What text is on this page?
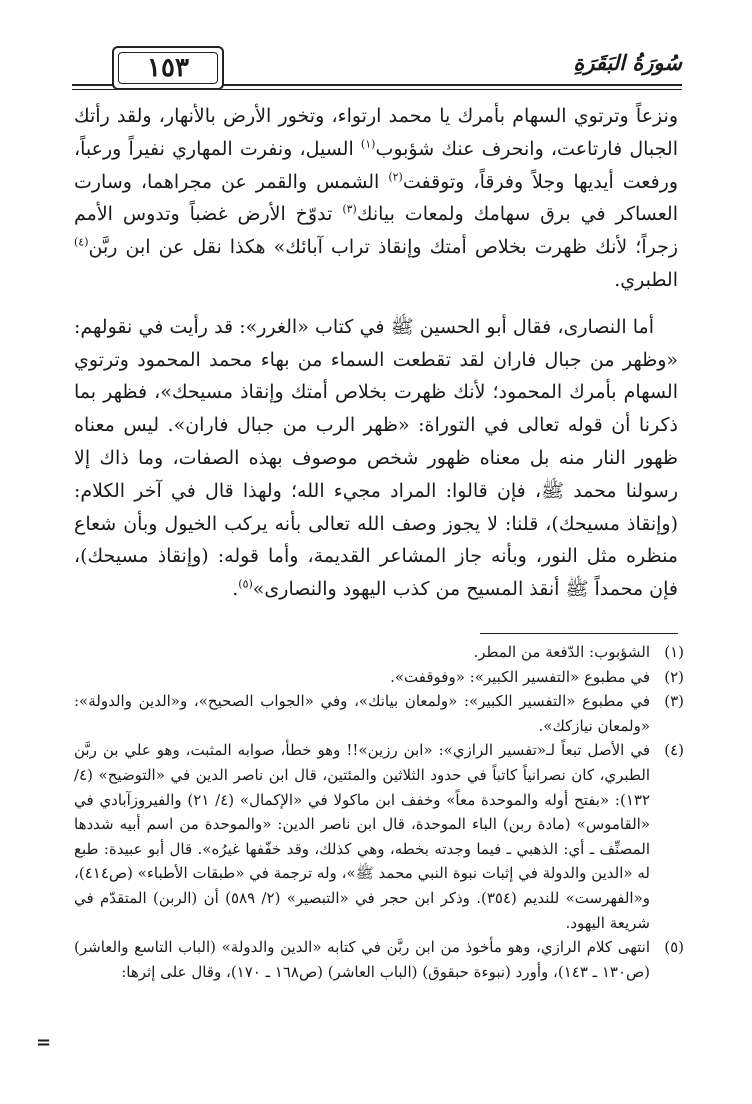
١٥٣	سُورَةُ البَقَرَةِ

ونزعاً وترتوي السهام بأمرك يا محمد ارتواء، وتخور الأرض بالأنهار، ولقد رأتك الجبال فارتاعت، وانحرف عنك شؤبوب$^{(١)}$ السيل، ونفرت المهاري نفيراً ورعباً، ورفعت أيديها وجلاً وفرقاً، وتوقفت$^{(٢)}$ الشمس والقمر عن مجراهما، وسارت العساكر في برق سهامك ولمعات بيانك$^{(٣)}$ تدوّخ الأرض غضباً وتدوس الأمم زجراً؛ لأنك ظهرت بخلاص أمتك وإنقاذ تراب آبائك» هكذا نقل عن ابن ربَّن$^{(٤)}$ الطبري.

أما النصارى، فقال أبو الحسين ﷺ في كتاب «الغرر»: قد رأيت في نقولهم: «وظهر من جبال فاران لقد تقطعت السماء من بهاء محمد المحمود وترتوي السهام بأمرك المحمود؛ لأنك ظهرت بخلاص أمتك وإنقاذ مسيحك»، فظهر بما ذكرنا أن قوله تعالى في التوراة: «ظهر الرب من جبال فاران». ليس معناه ظهور النار منه بل معناه ظهور شخص موصوف بهذه الصفات، وما ذاك إلا رسولنا محمد ﷺ، فإن قالوا: المراد مجيء الله؛ ولهذا قال في آخر الكلام: (وإنقاذ مسيحك)، قلنا: لا يجوز وصف الله تعالى بأنه يركب الخيول وبأن شعاع منظره مثل النور، وبأنه جاز المشاعر القديمة، وأما قوله: (وإنقاذ مسيحك)، فإن محمداً ﷺ أنقذ المسيح من كذب اليهود والنصارى»$^{(٥)}$.

(١)
الشؤبوب: الدّفعة من المطر.
(٢)
في مطبوع «التفسير الكبير»: «وفوقفت».
(٣)
في مطبوع «التفسير الكبير»: «ولمعان بيانك»، وفي «الجواب الصحيح»، و«الدين والدولة»: «ولمعان نيازكك».
(٤)
في الأصل تبعاً لـ«تفسير الرازي»: «ابن رزين»!! وهو خطأ، صوابه المثبت، وهو علي بن ربَّن الطبري، كان نصرانياً كاتباً في حدود الثلاثين والمئتين، قال ابن ناصر الدين في «التوضيح» (٤/ ١٣٢): «بفتح أوله والموحدة معاً» وخفف ابن ماكولا في «الإكمال» (٤/ ٢١) والفيروزآبادي في «القاموس» (مادة ربن) الباء الموحدة، قال ابن ناصر الدين: «والموحدة من اسم أبيه شددها المصنِّف ـ أي: الذهبي ـ فيما وجدته بخطه، وهي كذلك، وقد خفّفها غيرُه». قال أبو عبيدة: طبع له «الدين والدولة في إثبات نبوة النبي محمد ﷺ»، وله ترجمة في «طبقات الأطباء» (ص٤١٤)، و«الفهرست» للنديم (٣٥٤). وذكر ابن حجر في «التبصير» (٢/ ٥٨٩) أن (الربن) المتقدّم في شريعة اليهود.
(٥)
انتهى كلام الرازي، وهو مأخوذ من ابن ربَّن في كتابه «الدين والدولة» (الباب التاسع والعاشر) (ص١٣٠ ـ ١٤٣)، وأورد (نبوءة حبقوق) (الباب العاشر) (ص١٦٨ ـ ١٧٠)، وقال على إثرها:
=
